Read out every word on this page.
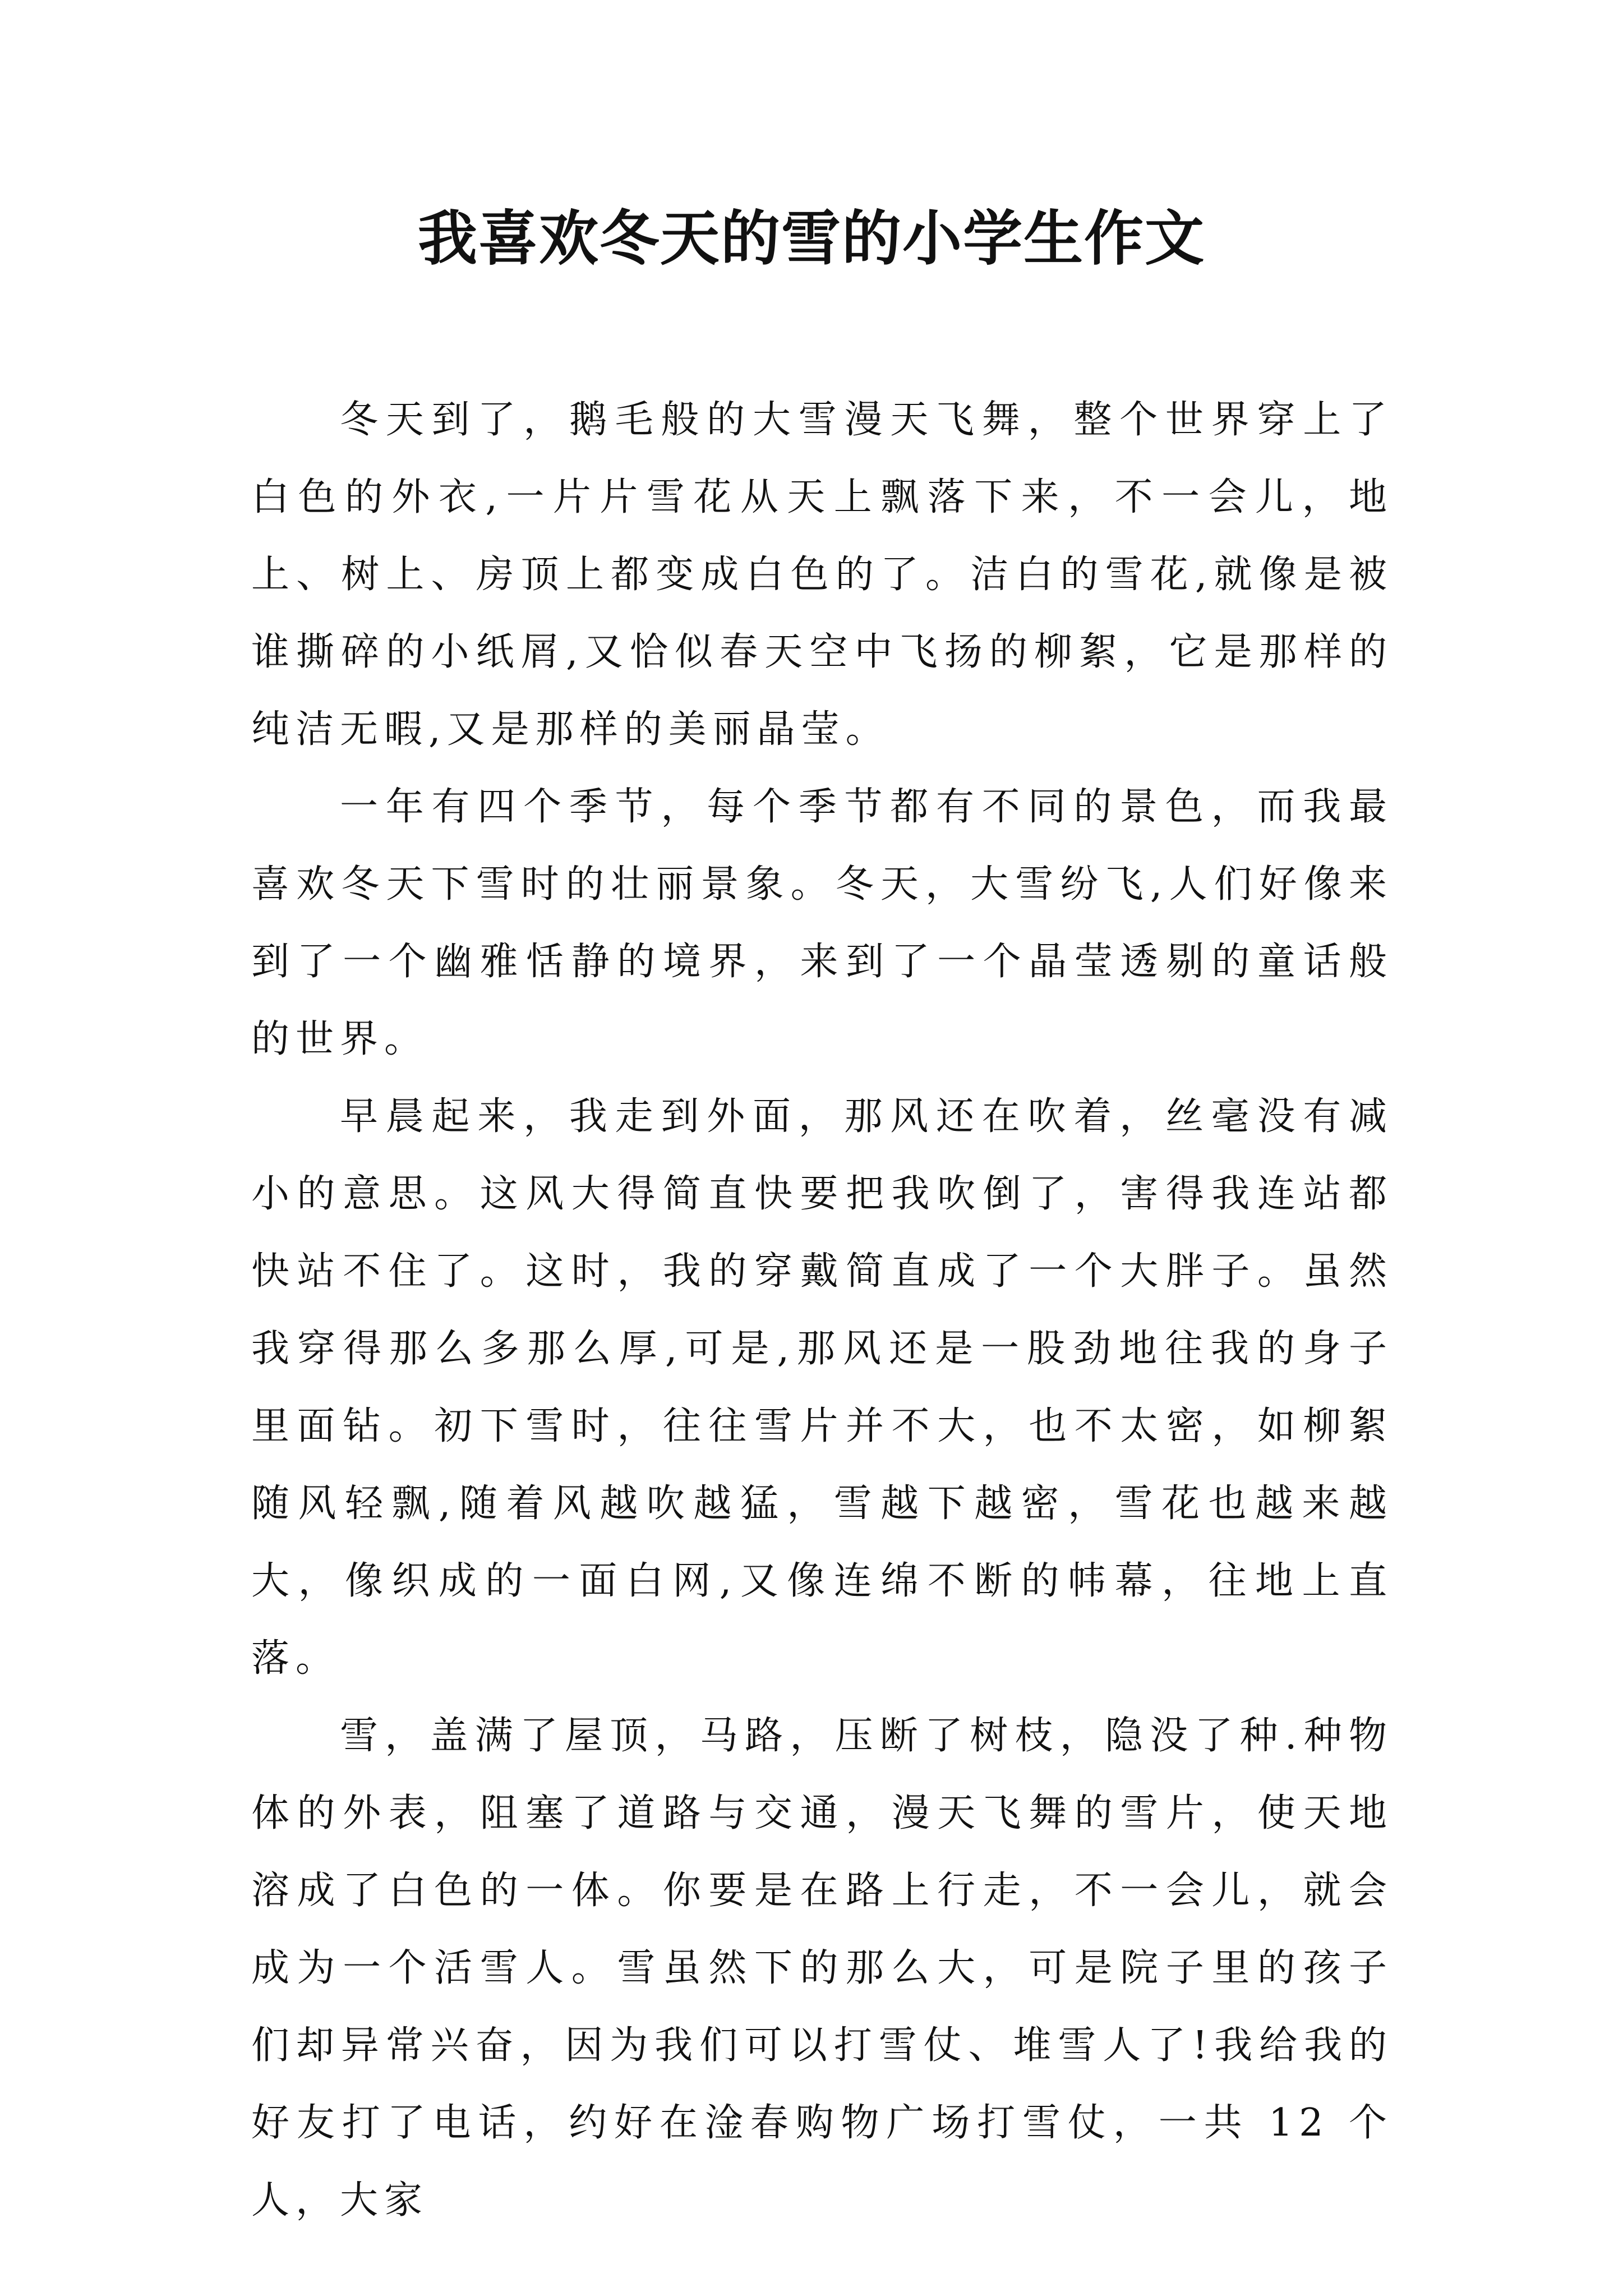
我喜欢冬天的雪的小学生作文

冬天到了，鹅毛般的大雪漫天飞舞，整个世界穿上了白色的外衣,一片片雪花从天上飘落下来，不一会儿，地上、树上、房顶上都变成白色的了。洁白的雪花,就像是被谁撕碎的小纸屑,又恰似春天空中飞扬的柳絮，它是那样的纯洁无暇,又是那样的美丽晶莹。

一年有四个季节，每个季节都有不同的景色，而我最喜欢冬天下雪时的壮丽景象。冬天，大雪纷飞,人们好像来到了一个幽雅恬静的境界，来到了一个晶莹透剔的童话般的世界。

早晨起来，我走到外面，那风还在吹着，丝毫没有减小的意思。这风大得简直快要把我吹倒了，害得我连站都快站不住了。这时，我的穿戴简直成了一个大胖子。虽然我穿得那么多那么厚,可是,那风还是一股劲地往我的身子里面钻。初下雪时，往往雪片并不大，也不太密，如柳絮随风轻飘,随着风越吹越猛，雪越下越密，雪花也越来越大，像织成的一面白网,又像连绵不断的帏幕，往地上直落。

雪，盖满了屋顶，马路，压断了树枝，隐没了种.种物体的外表，阻塞了道路与交通，漫天飞舞的雪片，使天地溶成了白色的一体。你要是在路上行走，不一会儿，就会成为一个活雪人。雪虽然下的那么大，可是院子里的孩子们却异常兴奋，因为我们可以打雪仗、堆雪人了!我给我的好友打了电话，约好在淦春购物广场打雪仗，一共 12 个人，大家
